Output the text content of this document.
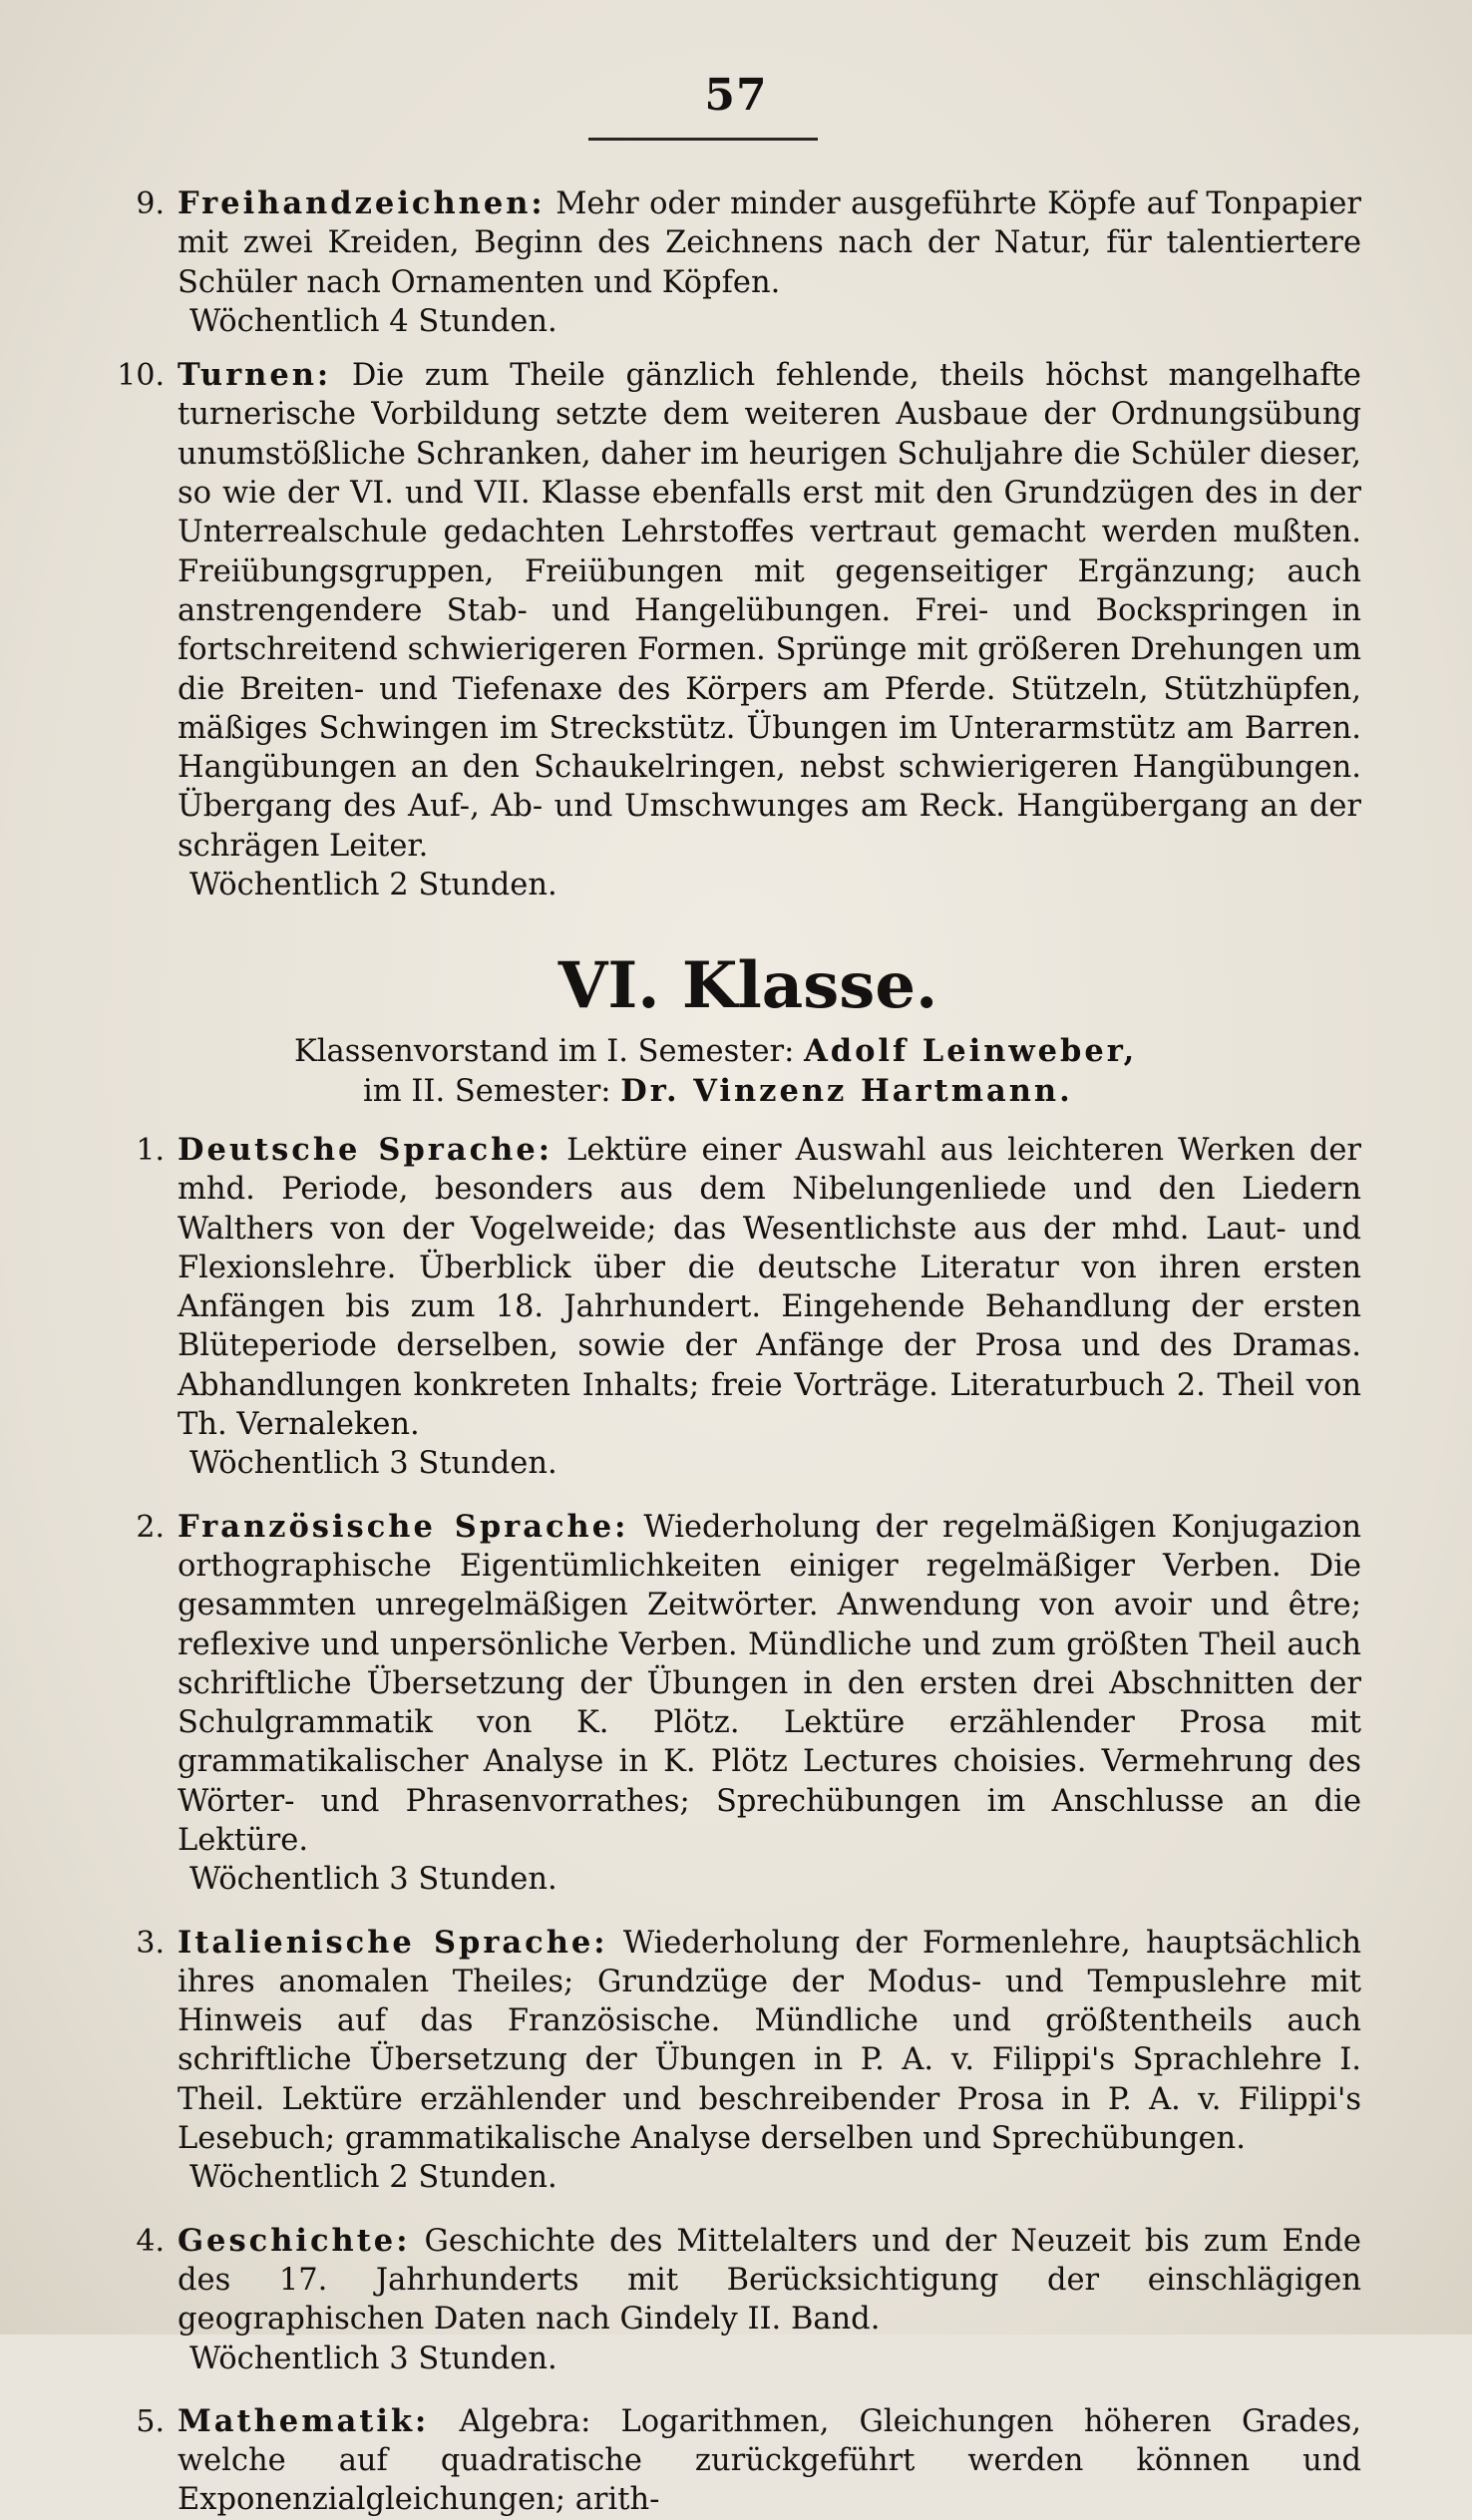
57
9. Freihandzeichnen: Mehr oder minder ausgeführte Köpfe auf Tonpapier mit zwei Kreiden, Beginn des Zeichnens nach der Natur, für talentiertere Schüler nach Ornamenten und Köpfen.
Wöchentlich 4 Stunden.
10. Turnen: Die zum Theile gänzlich fehlende, theils höchst mangelhafte turnerische Vorbildung setzte dem weiteren Ausbaue der Ordnungsübung unumstößliche Schranken, daher im heurigen Schuljahre die Schüler dieser, so wie der VI. und VII. Klasse ebenfalls erst mit den Grundzügen des in der Unterrealschule gedachten Lehrstoffes vertraut gemacht werden mußten. Freiübungsgruppen, Freiübungen mit gegenseitiger Ergänzung; auch anstrengendere Stab- und Hangelübungen. Frei- und Bockspringen in fortschreitend schwierigeren Formen. Sprünge mit größeren Drehungen um die Breiten- und Tiefenaxe des Körpers am Pferde. Stützeln, Stützhüpfen, mäßiges Schwingen im Streckstütz. Übungen im Unterarmstütz am Barren. Hangübungen an den Schaukelringen, nebst schwierigeren Hangübungen. Übergang des Auf-, Ab- und Umschwunges am Reck. Hangübergang an der schrägen Leiter.
Wöchentlich 2 Stunden.
VI. Klasse.
Klassenvorstand im I. Semester: Adolf Leinweber,
im II. Semester: Dr. Vinzenz Hartmann.
1. Deutsche Sprache: Lektüre einer Auswahl aus leichteren Werken der mhd. Periode, besonders aus dem Nibelungenliede und den Liedern Walthers von der Vogelweide; das Wesentlichste aus der mhd. Laut- und Flexionslehre. Überblick über die deutsche Literatur von ihren ersten Anfängen bis zum 18. Jahrhundert. Eingehende Behandlung der ersten Blüteperiode derselben, sowie der Anfänge der Prosa und des Dramas. Abhandlungen konkreten Inhalts; freie Vorträge. Literaturbuch 2. Theil von Th. Vernaleken.
Wöchentlich 3 Stunden.
2. Französische Sprache: Wiederholung der regelmäßigen Konjugazion orthographische Eigentümlichkeiten einiger regelmäßiger Verben. Die gesammten unregelmäßigen Zeitwörter. Anwendung von avoir und être; reflexive und unpersönliche Verben. Mündliche und zum größten Theil auch schriftliche Übersetzung der Übungen in den ersten drei Abschnitten der Schulgrammatik von K. Plötz. Lektüre erzählender Prosa mit grammatikalischer Analyse in K. Plötz Lectures choisies. Vermehrung des Wörter- und Phrasenvorrathes; Sprechübungen im Anschlusse an die Lektüre.
Wöchentlich 3 Stunden.
3. Italienische Sprache: Wiederholung der Formenlehre, hauptsächlich ihres anomalen Theiles; Grundzüge der Modus- und Tempuslehre mit Hinweis auf das Französische. Mündliche und größtentheils auch schriftliche Übersetzung der Übungen in P. A. v. Filippi's Sprachlehre I. Theil. Lektüre erzählender und beschreibender Prosa in P. A. v. Filippi's Lesebuch; grammatikalische Analyse derselben und Sprechübungen.
Wöchentlich 2 Stunden.
4. Geschichte: Geschichte des Mittelalters und der Neuzeit bis zum Ende des 17. Jahrhunderts mit Berücksichtigung der einschlägigen geographischen Daten nach Gindely II. Band.
Wöchentlich 3 Stunden.
5. Mathematik: Algebra: Logarithmen, Gleichungen höheren Grades, welche auf quadratische zurückgeführt werden können und Exponenzialgleichungen; arith-
